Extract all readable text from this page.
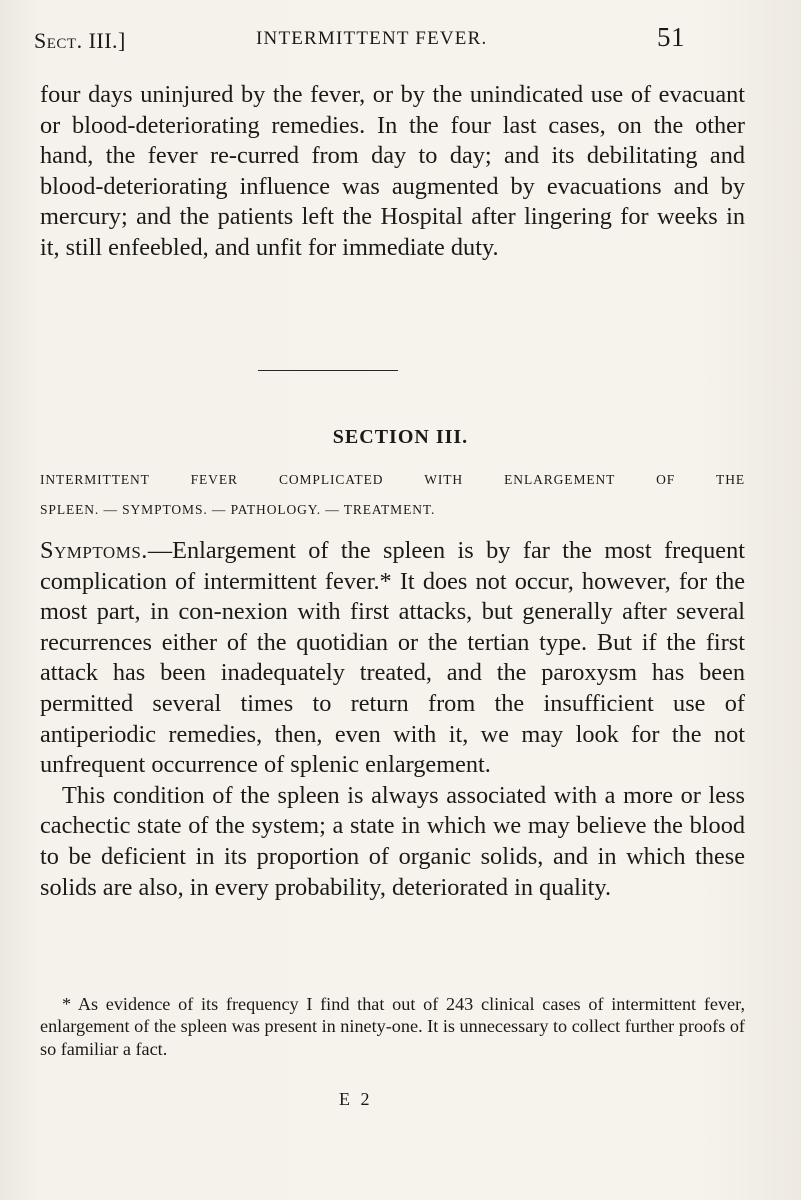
Sect. III.]	INTERMITTENT FEVER.	51

four days uninjured by the fever, or by the unindicated use of evacuant or blood-deteriorating remedies. In the four last cases, on the other hand, the fever re-curred from day to day; and its debilitating and blood-deteriorating influence was augmented by evacuations and by mercury; and the patients left the Hospital after lingering for weeks in it, still enfeebled, and unfit for immediate duty.

SECTION III.

INTERMITTENT FEVER COMPLICATED WITH ENLARGEMENT OF THE

SPLEEN. — SYMPTOMS. — PATHOLOGY. — TREATMENT.

Symptoms.—Enlargement of the spleen is by far the most frequent complication of intermittent fever.* It does not occur, however, for the most part, in con-nexion with first attacks, but generally after several recurrences either of the quotidian or the tertian type. But if the first attack has been inadequately treated, and the paroxysm has been permitted several times to return from the insufficient use of antiperiodic remedies, then, even with it, we may look for the not unfrequent occurrence of splenic enlargement.
This condition of the spleen is always associated with a more or less cachectic state of the system; a state in which we may believe the blood to be deficient in its proportion of organic solids, and in which these solids are also, in every probability, deteriorated in quality.

* As evidence of its frequency I find that out of 243 clinical cases of intermittent fever, enlargement of the spleen was present in ninety-one. It is unnecessary to collect further proofs of so familiar a fact.

E 2
